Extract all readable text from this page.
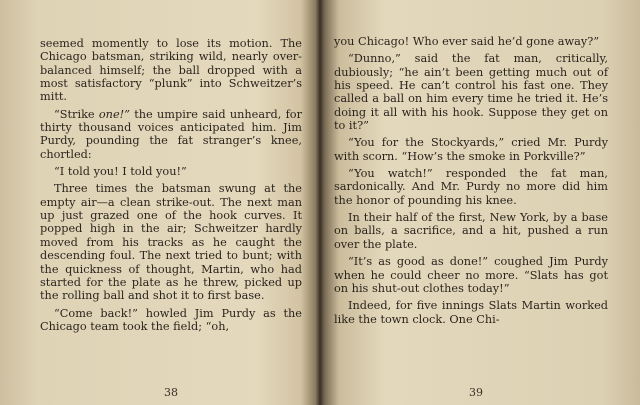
seemed momently to lose its motion. The Chicago batsman, striking wild, nearly over-balanced himself; the ball dropped with a most satisfactory “plunk” into Schweitzer’s mitt.

“Strike one!” the umpire said unheard, for thirty thousand voices anticipated him. Jim Purdy, pounding the fat stranger’s knee, chortled:

“I told you! I told you!”

Three times the batsman swung at the empty air—a clean strike-out. The next man up just grazed one of the hook curves. It popped high in the air; Schweitzer hardly moved from his tracks as he caught the descending foul. The next tried to bunt; with the quickness of thought, Martin, who had started for the plate as he threw, picked up the rolling ball and shot it to first base.

“Come back!” howled Jim Purdy as the Chicago team took the field; “oh,

38

you Chicago! Who ever said he’d gone away?”

“Dunno,” said the fat man, critically, dubiously; “he ain’t been getting much out of his speed. He can’t control his fast one. They called a ball on him every time he tried it. He’s doing it all with his hook. Suppose they get on to it?”

“You for the Stockyards,” cried Mr. Purdy with scorn. “How’s the smoke in Porkville?”

“You watch!” responded the fat man, sardonically. And Mr. Purdy no more did him the honor of pounding his knee.

In their half of the first, New York, by a base on balls, a sacrifice, and a hit, pushed a run over the plate.

“It’s as good as done!” coughed Jim Purdy when he could cheer no more. “Slats has got on his shut-out clothes today!”

Indeed, for five innings Slats Martin worked like the town clock. One Chi-

39
